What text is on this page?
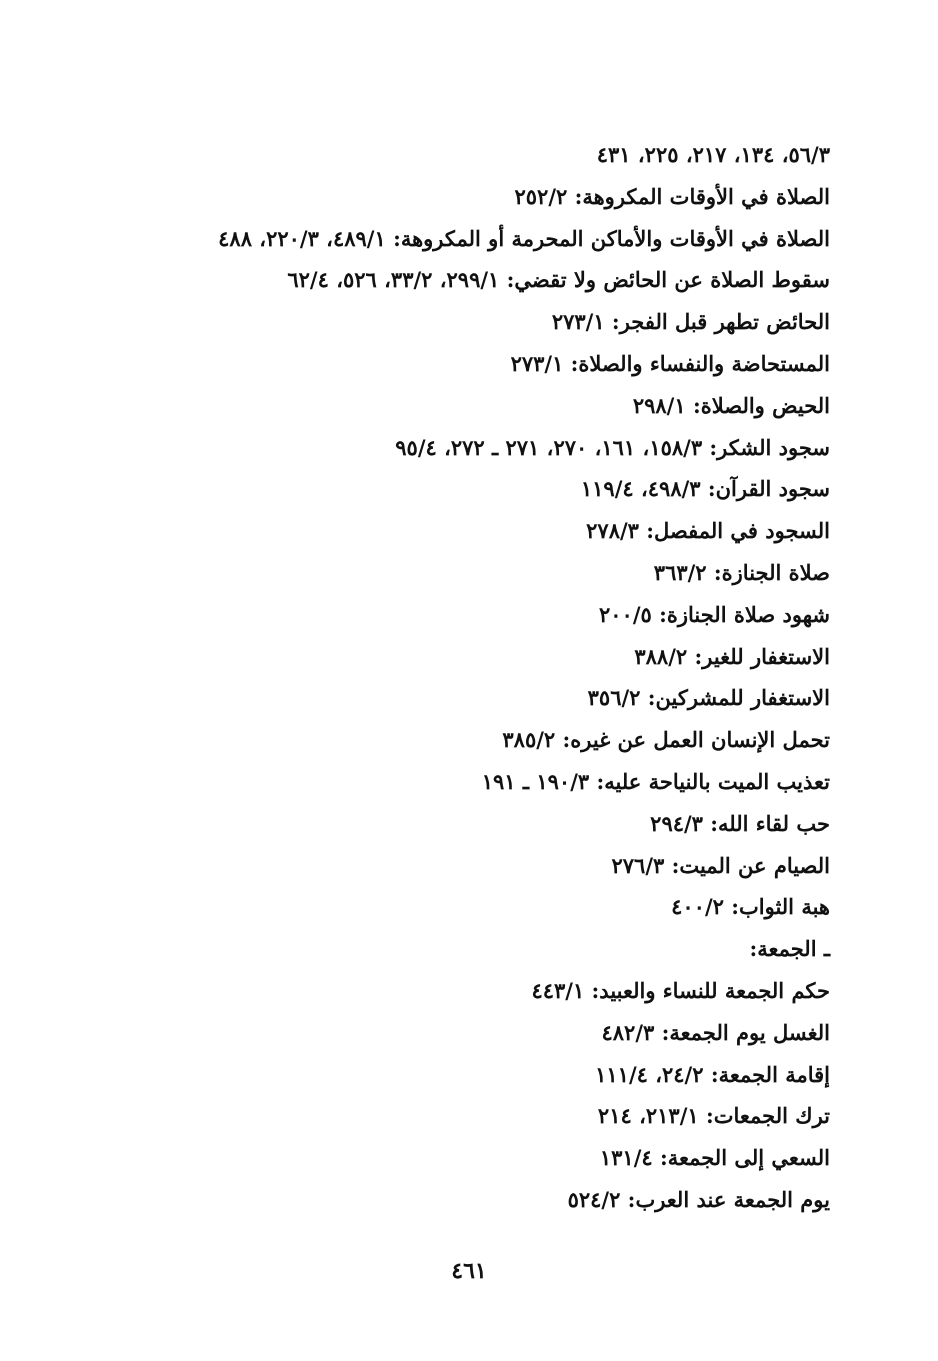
٥٦/٣، ١٣٤، ٢١٧، ٢٢٥، ٤٣١
الصلاة في الأوقات المكروهة: ٢٥٢/٢
الصلاة في الأوقات والأماكن المحرمة أو المكروهة: ٤٨٩/١، ٢٢٠/٣، ٤٨٨
سقوط الصلاة عن الحائض ولا تقضي: ٢٩٩/١، ٣٣/٢، ٥٢٦، ٦٢/٤
الحائض تطهر قبل الفجر: ٢٧٣/١
المستحاضة والنفساء والصلاة: ٢٧٣/١
الحيض والصلاة: ٢٩٨/١
سجود الشكر: ١٥٨/٣، ١٦١، ٢٧٠، ٢٧١ ـ ٢٧٢، ٩٥/٤
سجود القرآن: ٤٩٨/٣، ١١٩/٤
السجود في المفصل: ٢٧٨/٣
صلاة الجنازة: ٣٦٣/٢
شهود صلاة الجنازة: ٢٠٠/٥
الاستغفار للغير: ٣٨٨/٢
الاستغفار للمشركين: ٣٥٦/٢
تحمل الإنسان العمل عن غيره: ٣٨٥/٢
تعذيب الميت بالنياحة عليه: ١٩٠/٣ ـ ١٩١
حب لقاء الله: ٢٩٤/٣
الصيام عن الميت: ٢٧٦/٣
هبة الثواب: ٤٠٠/٢
ـ الجمعة:
حكم الجمعة للنساء والعبيد: ٤٤٣/١
الغسل يوم الجمعة: ٤٨٢/٣
إقامة الجمعة: ٢٤/٢، ١١١/٤
ترك الجمعات: ٢١٣/١، ٢١٤
السعي إلى الجمعة: ١٣١/٤
يوم الجمعة عند العرب: ٥٢٤/٢
٤٦١
